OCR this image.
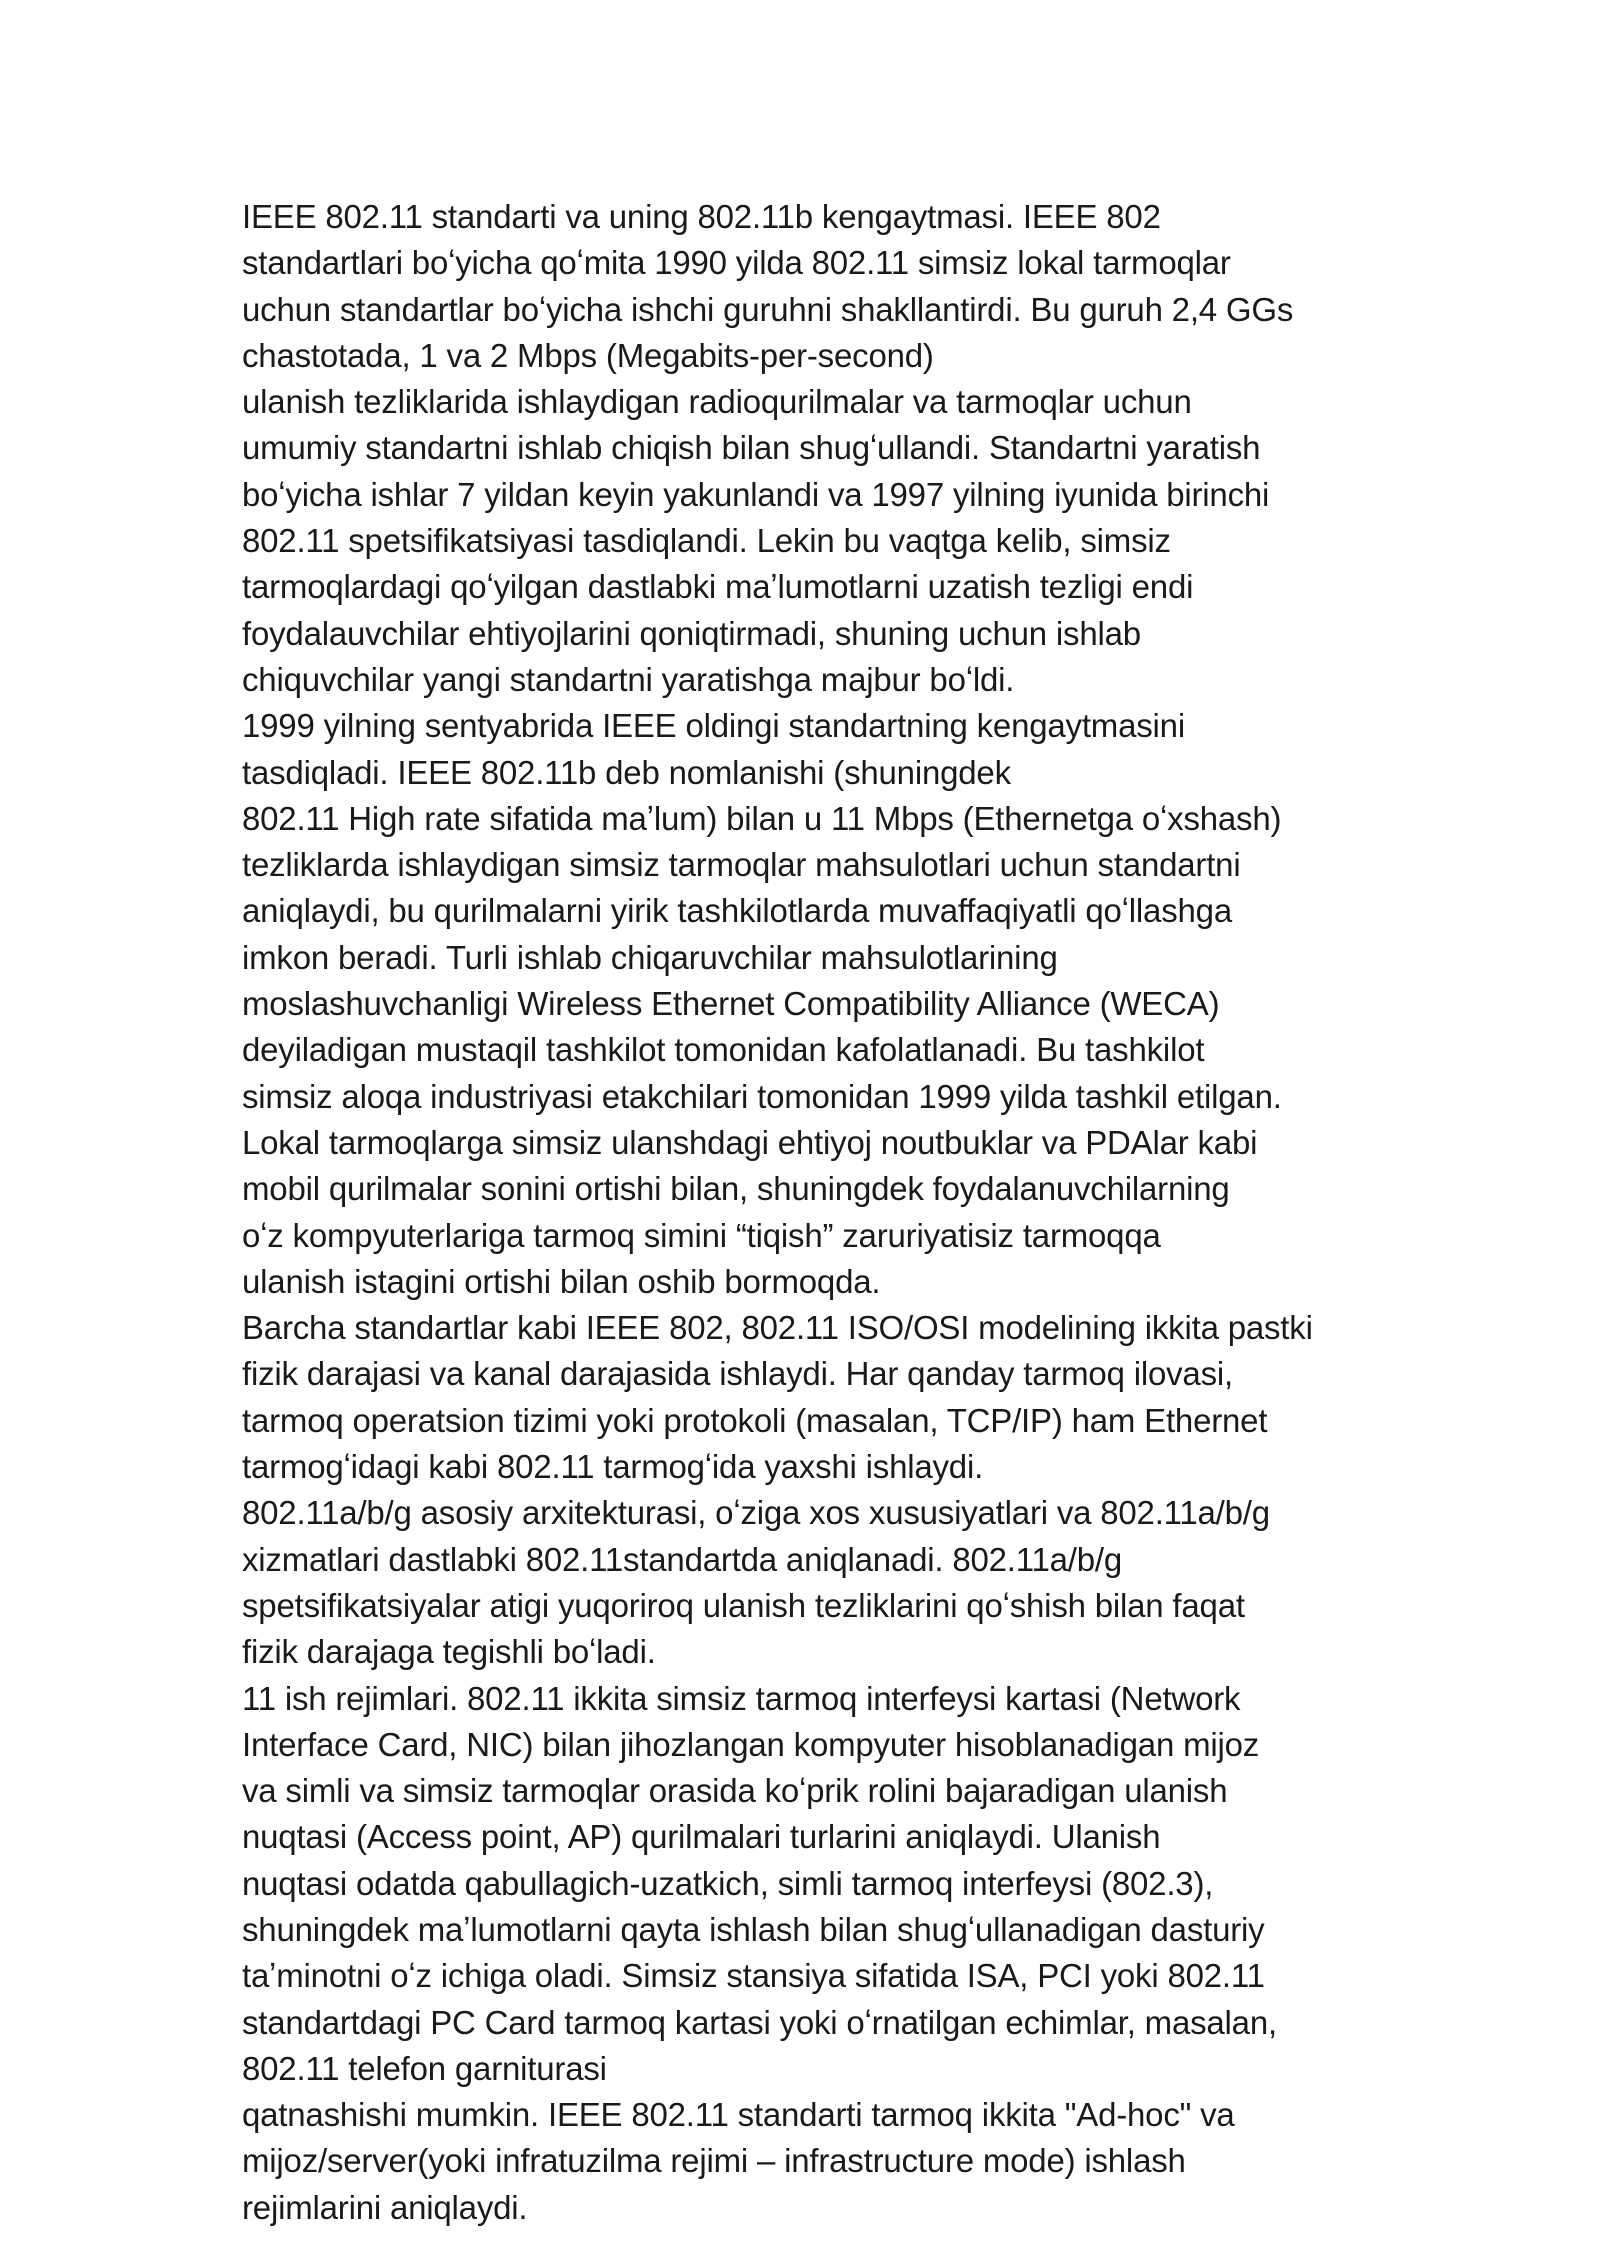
IEEE 802.11 standarti va uning 802.11b kengaytmasi. IEEE 802
standartlari boʻyicha qoʻmita 1990 yilda 802.11 simsiz lokal tarmoqlar
uchun standartlar boʻyicha ishchi guruhni shakllantirdi. Bu guruh 2,4 GGs
chastotada, 1 va 2 Mbps (Megabits-per-second)
ulanish tezliklarida ishlaydigan radioqurilmalar va tarmoqlar uchun
umumiy standartni ishlab chiqish bilan shugʻullandi. Standartni yaratish
boʻyicha ishlar 7 yildan keyin yakunlandi va 1997 yilning iyunida birinchi
802.11 spetsifikatsiyasi tasdiqlandi. Lekin bu vaqtga kelib, simsiz
tarmoqlardagi qoʻyilgan dastlabki maʼlumotlarni uzatish tezligi endi
foydalauvchilar ehtiyojlarini qoniqtirmadi, shuning uchun ishlab
chiquvchilar yangi standartni yaratishga majbur boʻldi.
1999 yilning sentyabrida IEEE oldingi standartning kengaytmasini
tasdiqladi. IEEE 802.11b deb nomlanishi (shuningdek
802.11 High rate sifatida maʼlum) bilan u 11 Mbps (Ethernetga oʻxshash)
tezliklarda ishlaydigan simsiz tarmoqlar mahsulotlari uchun standartni
aniqlaydi, bu qurilmalarni yirik tashkilotlarda muvaffaqiyatli qoʻllashga
imkon beradi. Turli ishlab chiqaruvchilar mahsulotlarining
moslashuvchanligi Wireless Ethernet Compatibility Alliance (WECA)
deyiladigan mustaqil tashkilot tomonidan kafolatlanadi. Bu tashkilot
simsiz aloqa industriyasi etakchilari tomonidan 1999 yilda tashkil etilgan.
Lokal tarmoqlarga simsiz ulanshdagi ehtiyoj noutbuklar va PDAlar kabi
mobil qurilmalar sonini ortishi bilan, shuningdek foydalanuvchilarning
oʻz kompyuterlariga tarmoq simini “tiqish” zaruriyatisiz tarmoqqa
ulanish istagini ortishi bilan oshib bormoqda.
Barcha standartlar kabi IEEE 802, 802.11 ISO/OSI modelining ikkita pastki
fizik darajasi va kanal darajasida ishlaydi. Har qanday tarmoq ilovasi,
tarmoq operatsion tizimi yoki protokoli (masalan, TCP/IP) ham Ethernet
tarmogʻidagi kabi 802.11 tarmogʻida yaxshi ishlaydi.
802.11a/b/g asosiy arxitekturasi, oʻziga xos xususiyatlari va 802.11a/b/g
xizmatlari dastlabki 802.11standartda aniqlanadi. 802.11a/b/g
spetsifikatsiyalar atigi yuqoriroq ulanish tezliklarini qoʻshish bilan faqat
fizik darajaga tegishli boʻladi.
11 ish rejimlari. 802.11 ikkita simsiz tarmoq interfeysi kartasi (Network
Interface Card, NIC) bilan jihozlangan kompyuter hisoblanadigan mijoz
va simli va simsiz tarmoqlar orasida koʻprik rolini bajaradigan ulanish
nuqtasi (Access point, AP) qurilmalari turlarini aniqlaydi. Ulanish
nuqtasi odatda qabullagich-uzatkich, simli tarmoq interfeysi (802.3),
shuningdek maʼlumotlarni qayta ishlash bilan shugʻullanadigan dasturiy
taʼminotni oʻz ichiga oladi. Simsiz stansiya sifatida ISA, PCI yoki 802.11
standartdagi PC Card tarmoq kartasi yoki oʻrnatilgan echimlar, masalan,
802.11 telefon garniturasi
qatnashishi mumkin. IEEE 802.11 standarti tarmoq ikkita "Ad-hoc" va
mijoz/server(yoki infratuzilma rejimi – infrastructure mode) ishlash
rejimlarini aniqlaydi.
